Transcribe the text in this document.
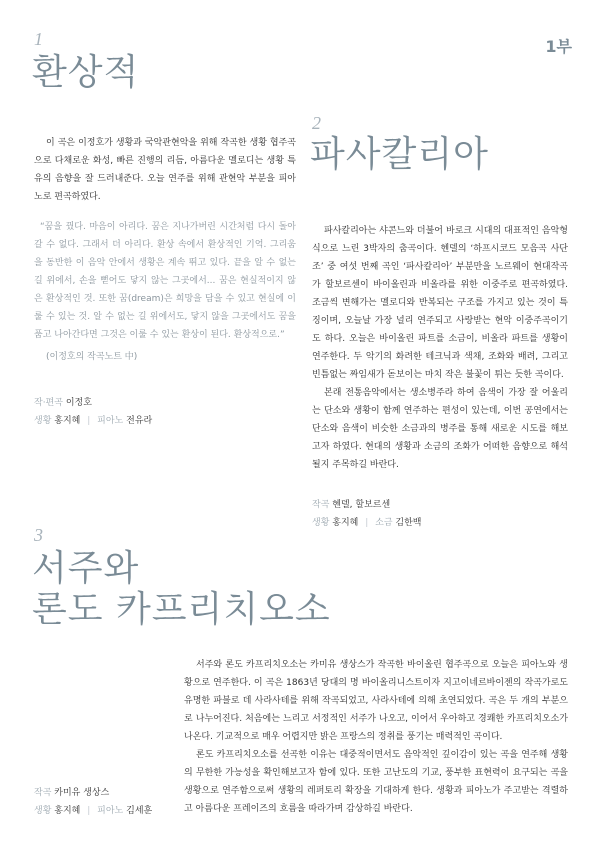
1부
1
환상적

이 곡은 이정호가 생황과 국악관현악을 위해 작곡한 생황 협주곡으로 다채로운 화성, 빠른 진행의 리듬, 아름다운 멜로디는 생황 특유의 음향을 잘 드러내준다. 오늘 연주를 위해 관현악 부분을 피아노로 편곡하였다.

“꿈을 꿨다. 마음이 아리다. 꿈은 지나가버린 시간처럼 다시 돌아갈 수 없다. 그래서 더 아리다. 환상 속에서 환상적인 기억. 그리움을 동반한 이 음악 안에서 생황은 계속 뛰고 있다. 끝을 알 수 없는 길 위에서, 손을 뻗어도 닿지 않는 그곳에서... 꿈은 현실적이지 않은 환상적인 것. 또한 꿈(dream)은 희망을 담을 수 있고 현실에 이룰 수 있는 것. 알 수 없는 길 위에서도, 닿지 않을 그곳에서도 꿈을 품고 나아간다면 그것은 이룰 수 있는 환상이 된다. 환상적으로.”

(이정호의 작곡노트 中)

작·편곡 이정호
생황 홍지혜 | 피아노 전유라
2
파사칼리아

파사칼리아는 샤콘느와 더불어 바로크 시대의 대표적인 음악형식으로 느린 3박자의 춤곡이다. 헨델의 ‘하프시코드 모음곡 사단조’ 중 여섯 번째 곡인 ‘파사칼리아’ 부분만을 노르웨이 현대작곡가 할보르센이 바이올린과 비올라를 위한 이중주로 편곡하였다. 조금씩 변해가는 멜로디와 반복되는 구조를 가지고 있는 것이 특징이며, 오늘날 가장 널리 연주되고 사랑받는 현악 이중주곡이기도 하다. 오늘은 바이올린 파트를 소금이, 비올라 파트를 생황이 연주한다. 두 악기의 화려한 테크닉과 색채, 조화와 배려, 그리고 빈틈없는 짜임새가 돋보이는 마치 작은 불꽃이 튀는 듯한 곡이다.

본래 전통음악에서는 생소병주라 하여 음색이 가장 잘 어울리는 단소와 생황이 함께 연주하는 편성이 있는데, 이번 공연에서는 단소와 음색이 비슷한 소금과의 병주를 통해 새로운 시도를 해보고자 하였다. 현대의 생황과 소금의 조화가 어떠한 음향으로 해석될지 주목하길 바란다.

작곡 헨델, 할보르센
생황 홍지혜 | 소금 김한백
3
서주와
론도 카프리치오소

서주와 론도 카프리치오소는 카미유 생상스가 작곡한 바이올린 협주곡으로 오늘은 피아노와 생황으로 연주한다. 이 곡은 1863년 당대의 명 바이올리니스트이자 지고이네르바이젠의 작곡가로도 유명한 파블로 데 사라사테를 위해 작곡되었고, 사라사테에 의해 초연되었다. 곡은 두 개의 부분으로 나누어진다. 처음에는 느리고 서정적인 서주가 나오고, 이어서 우아하고 경쾌한 카프리치오소가 나온다. 기교적으로 매우 어렵지만 밝은 프랑스의 정취를 풍기는 매력적인 곡이다.

론도 카프리치오소를 선곡한 이유는 대중적이면서도 음악적인 깊이감이 있는 곡을 연주해 생황의 무한한 가능성을 확인해보고자 함에 있다. 또한 고난도의 기교, 풍부한 표현력이 요구되는 곡을 생황으로 연주함으로써 생황의 레퍼토리 확장을 기대하게 한다. 생황과 피아노가 주고받는 격렬하고 아름다운 프레이즈의 흐름을 따라가며 감상하길 바란다.

작곡 카미유 생상스
생황 홍지혜 | 피아노 김세훈
